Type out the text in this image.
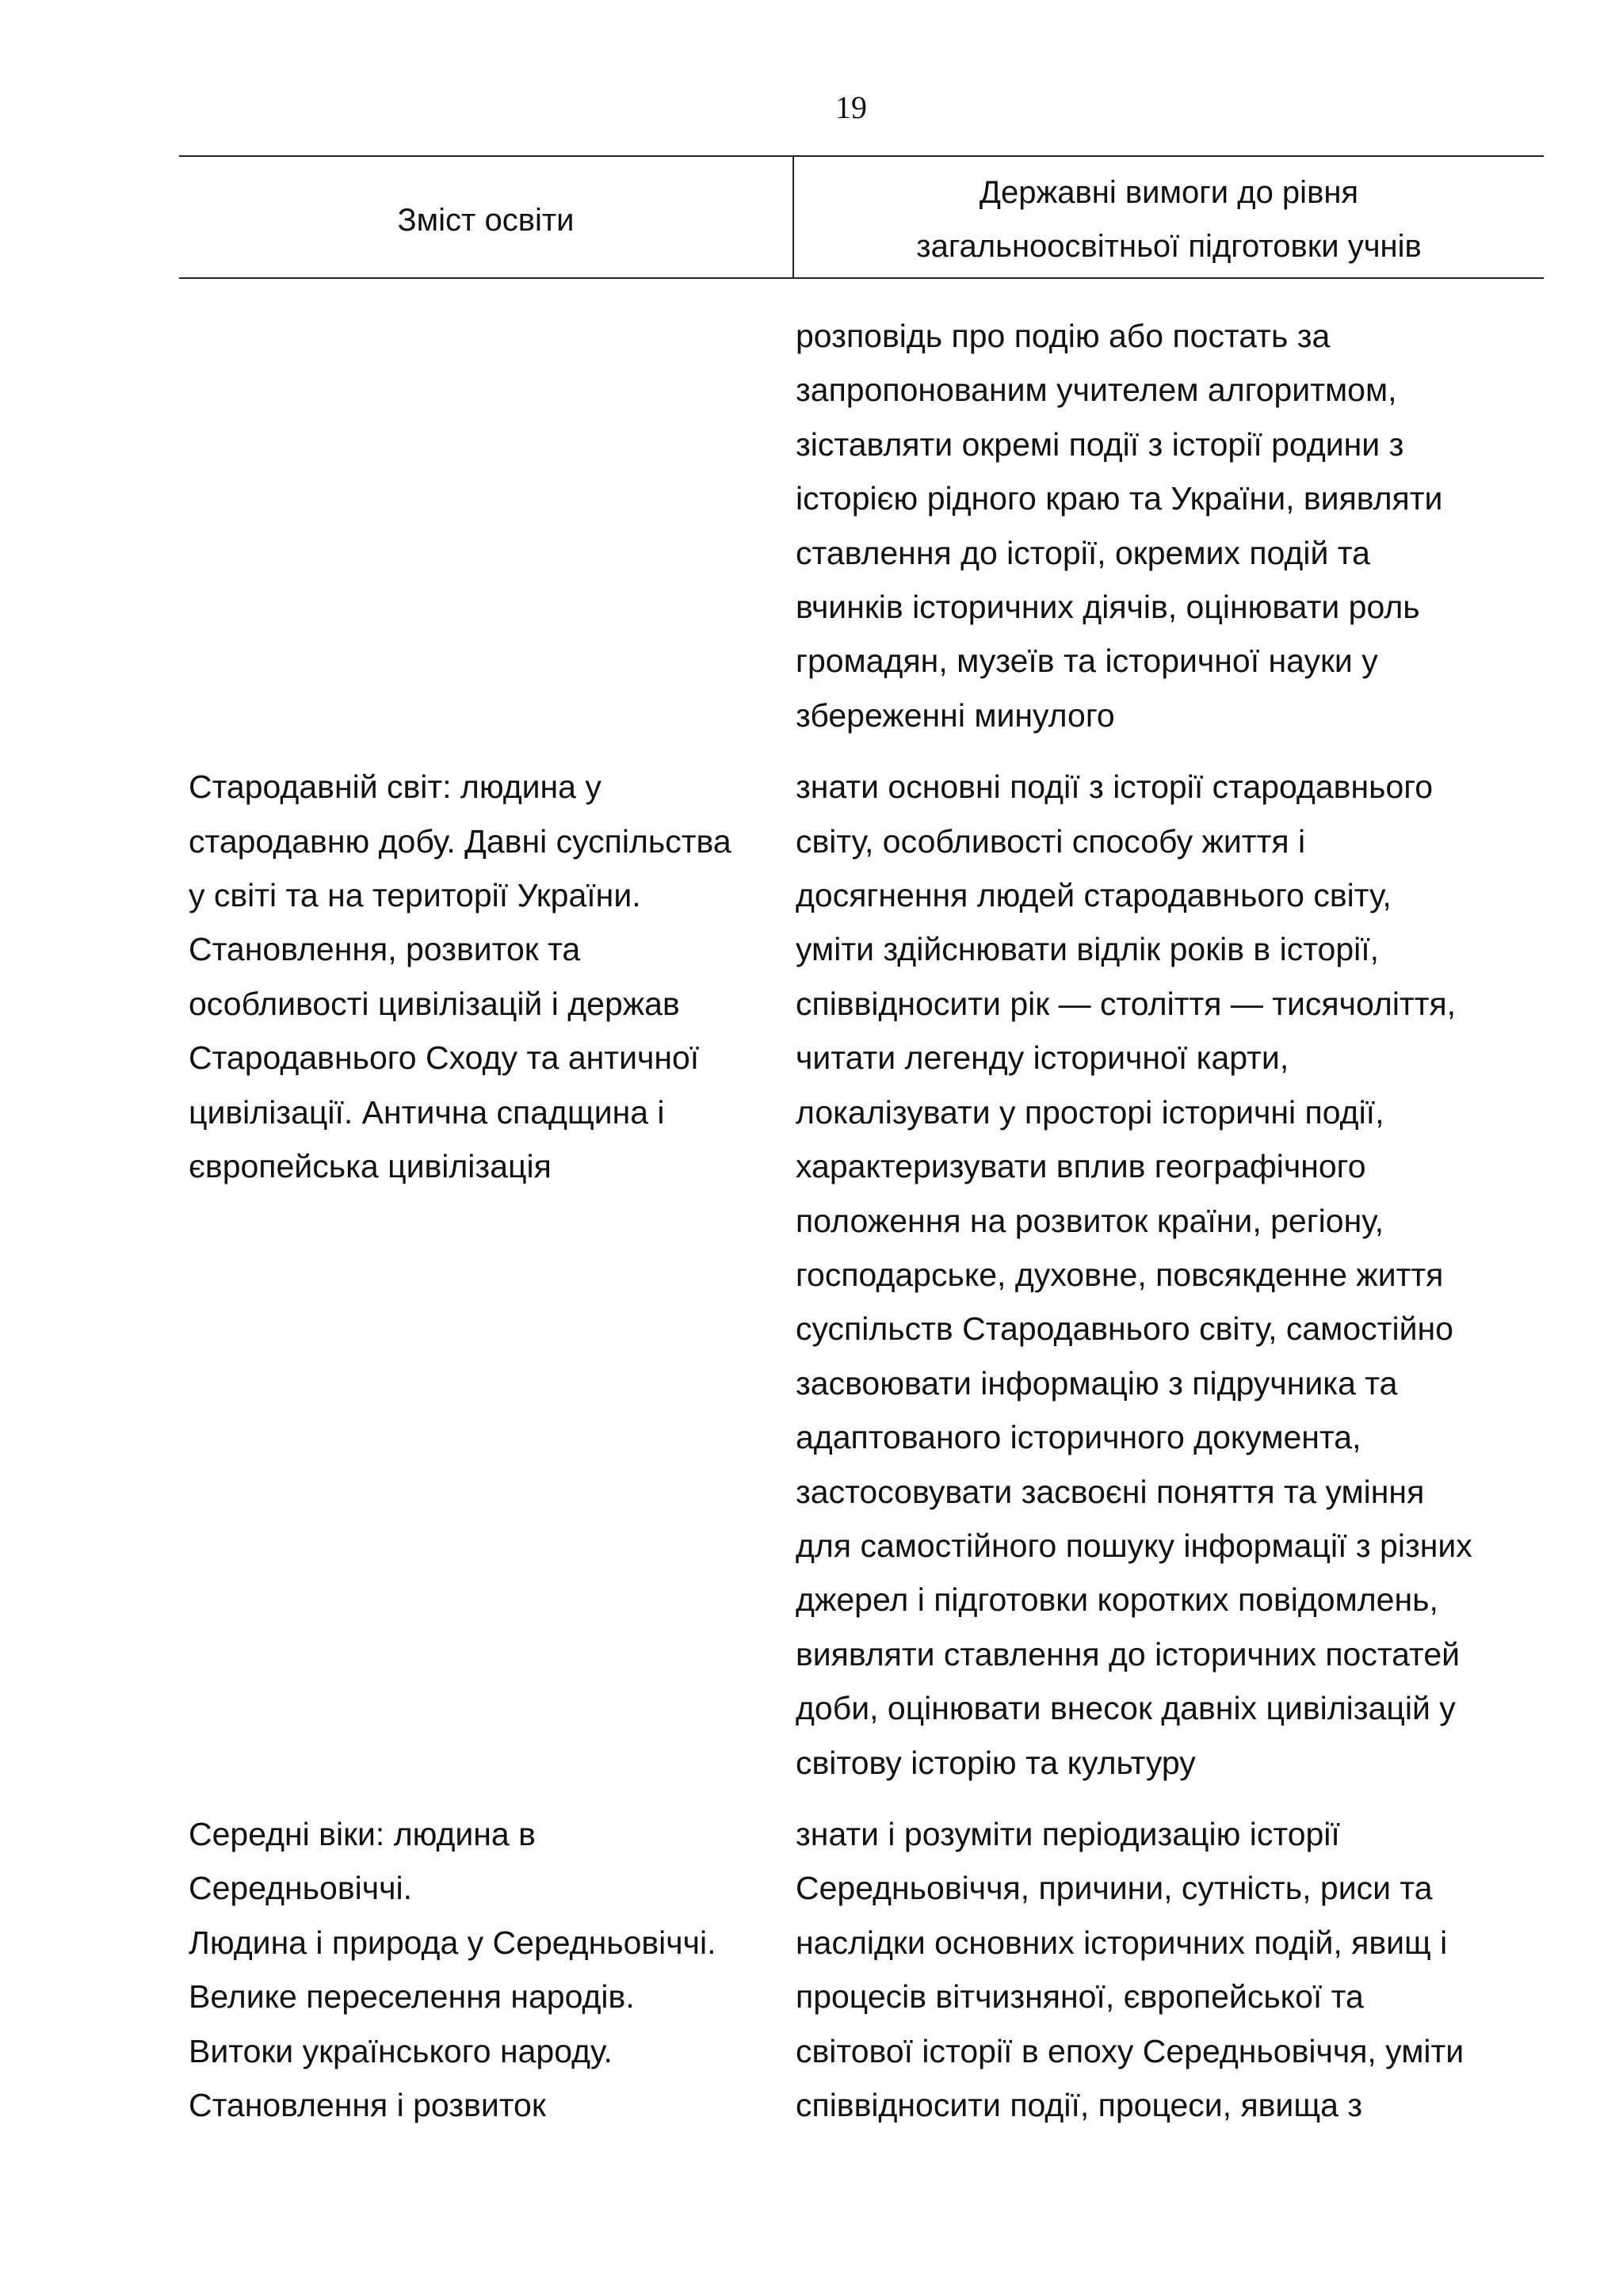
19
Зміст освіти
Державні вимоги до рівня
загальноосвітньої підготовки учнів
розповідь про подію або постать за
запропонованим учителем алгоритмом,
зіставляти окремі події з історії родини з
історією рідного краю та України, виявляти
ставлення до історії, окремих подій та
вчинків історичних діячів, оцінювати роль
громадян, музеїв та історичної науки у
збереженні минулого
Стародавній світ: людина у
стародавню добу. Давні суспільства
у світі та на території України.
Становлення, розвиток та
особливості цивілізацій і держав
Стародавнього Сходу та античної
цивілізації. Антична спадщина і
європейська цивілізація
знати основні події з історії стародавнього
світу, особливості способу життя і
досягнення людей стародавнього світу,
уміти здійснювати відлік років в історії,
співвідносити рік — століття — тисячоліття,
читати легенду історичної карти,
локалізувати у просторі історичні події,
характеризувати вплив географічного
положення на розвиток країни, регіону,
господарське, духовне, повсякденне життя
суспільств Стародавнього світу, самостійно
засвоювати інформацію з підручника та
адаптованого історичного документа,
застосовувати засвоєні поняття та уміння
для самостійного пошуку інформації з різних
джерел і підготовки коротких повідомлень,
виявляти ставлення до історичних постатей
доби, оцінювати внесок давніх цивілізацій у
світову історію та культуру
Середні віки: людина в
Середньовіччі.
Людина і природа у Середньовіччі.
Велике переселення народів.
Витоки українського народу.
Становлення і розвиток
знати і розуміти періодизацію історії
Середньовіччя, причини, сутність, риси та
наслідки основних історичних подій, явищ і
процесів вітчизняної, європейської та
світової історії в епоху Середньовіччя, уміти
співвідносити події, процеси, явища з
